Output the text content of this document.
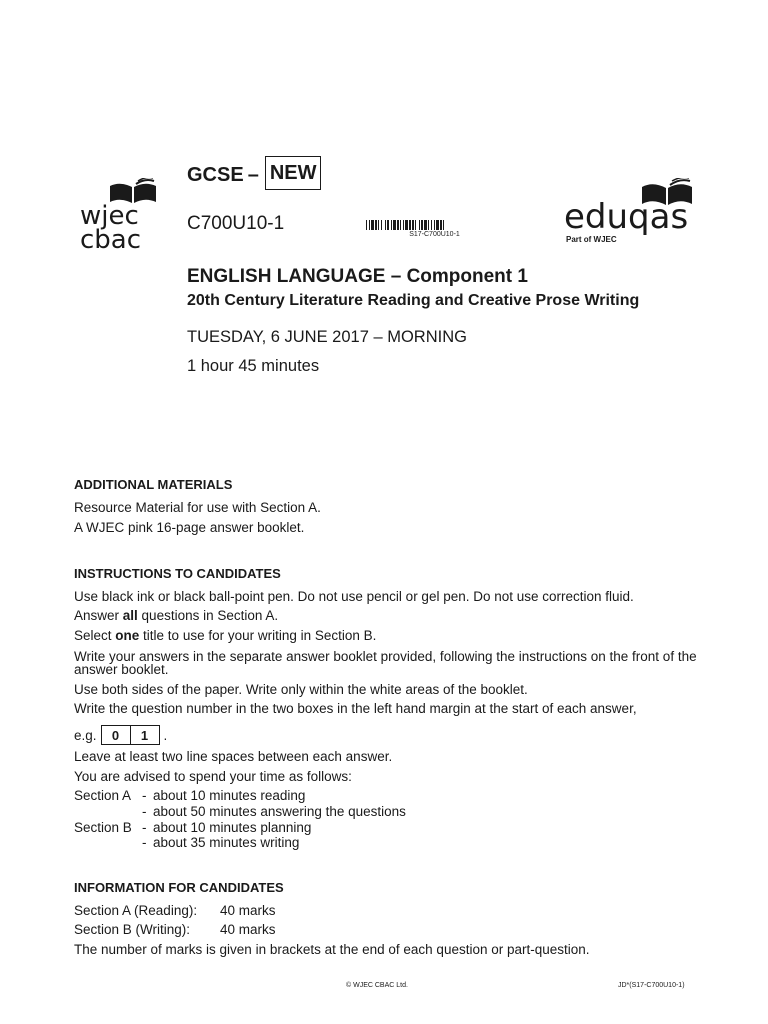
wjec
cbac
eduqas
Part of WJEC
GCSE – NEW
C700U10-1
S17-C700U10-1
ENGLISH LANGUAGE – Component 1
20th Century Literature Reading and Creative Prose Writing
TUESDAY, 6 JUNE 2017 – MORNING
1 hour 45 minutes
ADDITIONAL MATERIALS
Resource Material for use with Section A.
A WJEC pink 16-page answer booklet.
INSTRUCTIONS TO CANDIDATES
Use black ink or black ball-point pen. Do not use pencil or gel pen. Do not use correction fluid.
Answer all questions in Section A.
Select one title to use for your writing in Section B.
Write your answers in the separate answer booklet provided, following the instructions on the front of the answer booklet.
Use both sides of the paper. Write only within the white areas of the booklet.
Write the question number in the two boxes in the left hand margin at the start of each answer,
e.g.	0	1	.
Leave at least two line spaces between each answer.
You are advised to spend your time as follows:
Section A - about 10 minutes reading
- about 50 minutes answering the questions
Section B - about 10 minutes planning
- about 35 minutes writing
INFORMATION FOR CANDIDATES
Section A (Reading): 40 marks
Section B (Writing): 40 marks
The number of marks is given in brackets at the end of each question or part-question.
© WJEC CBAC Ltd.	JD*(S17-C700U10-1)
